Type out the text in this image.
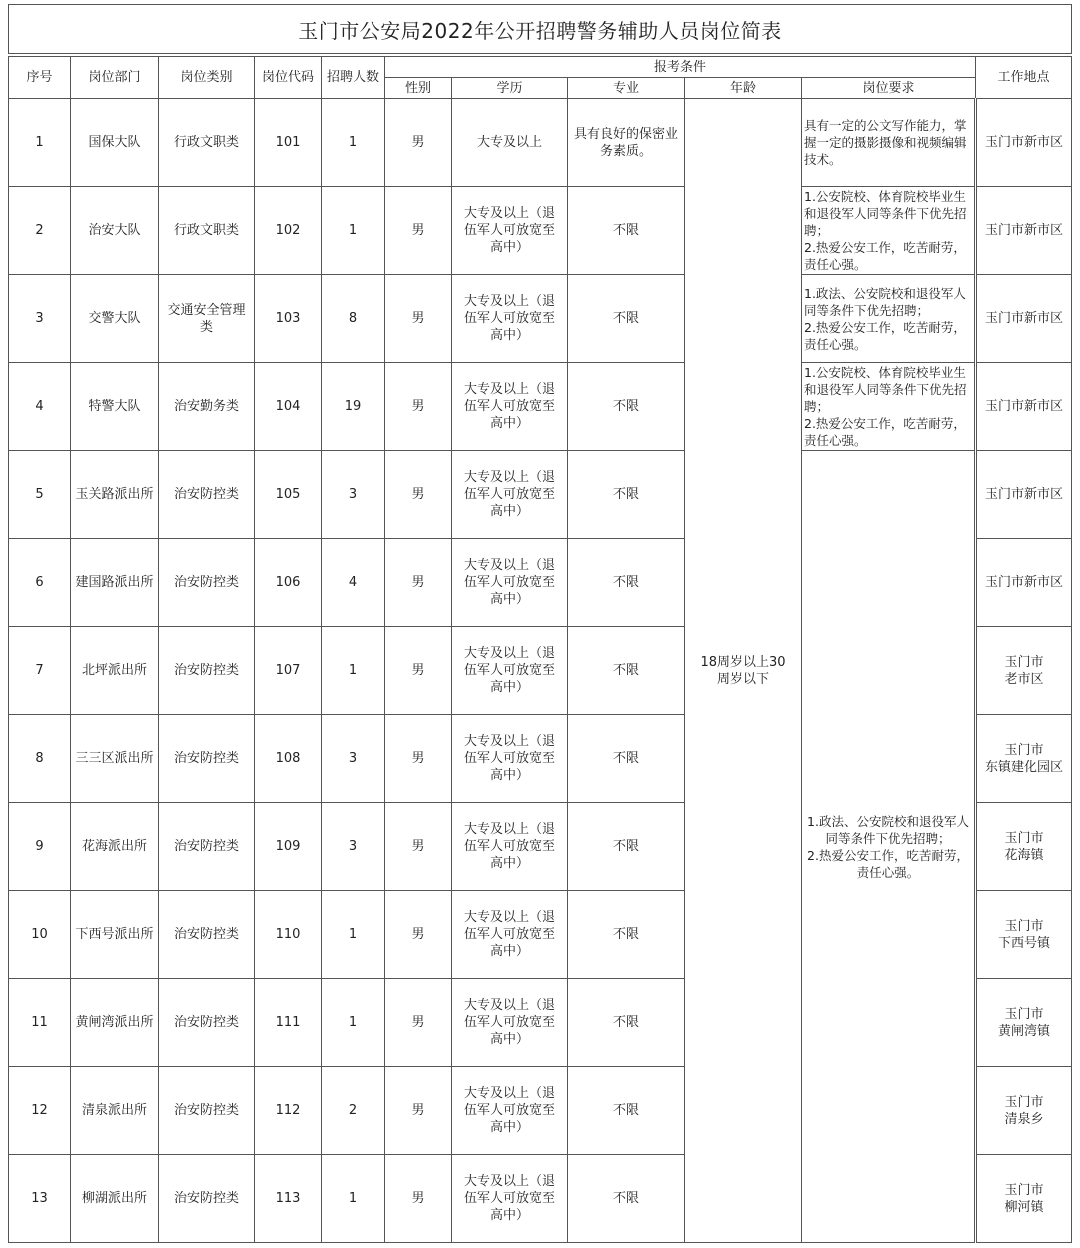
玉门市公安局2022年公开招聘警务辅助人员岗位简表
序号	岗位部门	岗位类别	岗位代码	招聘人数	报考条件					工作地点
					性别	学历	专业	年龄	岗位要求	
1	国保大队	行政文职类	101	1	男	大专及以上	具有良好的保密业务素质。	18周岁以上30周岁以下	具有一定的公文写作能力，掌握一定的摄影摄像和视频编辑技术。	玉门市新市区
2	治安大队	行政文职类	102	1	男	大专及以上（退伍军人可放宽至高中）	不限		1.公安院校、体育院校毕业生和退役军人同等条件下优先招聘；
2.热爱公安工作，吃苦耐劳，责任心强。	玉门市新市区
3	交警大队	交通安全管理类	103	8	男	大专及以上（退伍军人可放宽至高中）	不限		1.政法、公安院校和退役军人同等条件下优先招聘；
2.热爱公安工作，吃苦耐劳，责任心强。	玉门市新市区
4	特警大队	治安勤务类	104	19	男	大专及以上（退伍军人可放宽至高中）	不限		1.公安院校、体育院校毕业生和退役军人同等条件下优先招聘；
2.热爱公安工作，吃苦耐劳，责任心强。	玉门市新市区
5	玉关路派出所	治安防控类	105	3	男	大专及以上（退伍军人可放宽至高中）	不限		1.政法、公安院校和退役军人同等条件下优先招聘；
2.热爱公安工作，吃苦耐劳，责任心强。	玉门市新市区
6	建国路派出所	治安防控类	106	4	男	大专及以上（退伍军人可放宽至高中）	不限			玉门市新市区
7	北坪派出所	治安防控类	107	1	男	大专及以上（退伍军人可放宽至高中）	不限			玉门市
老市区
8	三三区派出所	治安防控类	108	3	男	大专及以上（退伍军人可放宽至高中）	不限			玉门市
东镇建化园区
9	花海派出所	治安防控类	109	3	男	大专及以上（退伍军人可放宽至高中）	不限			玉门市
花海镇
10	下西号派出所	治安防控类	110	1	男	大专及以上（退伍军人可放宽至高中）	不限			玉门市
下西号镇
11	黄闸湾派出所	治安防控类	111	1	男	大专及以上（退伍军人可放宽至高中）	不限			玉门市
黄闸湾镇
12	清泉派出所	治安防控类	112	2	男	大专及以上（退伍军人可放宽至高中）	不限			玉门市
清泉乡
13	柳湖派出所	治安防控类	113	1	男	大专及以上（退伍军人可放宽至高中）	不限			玉门市
柳河镇
